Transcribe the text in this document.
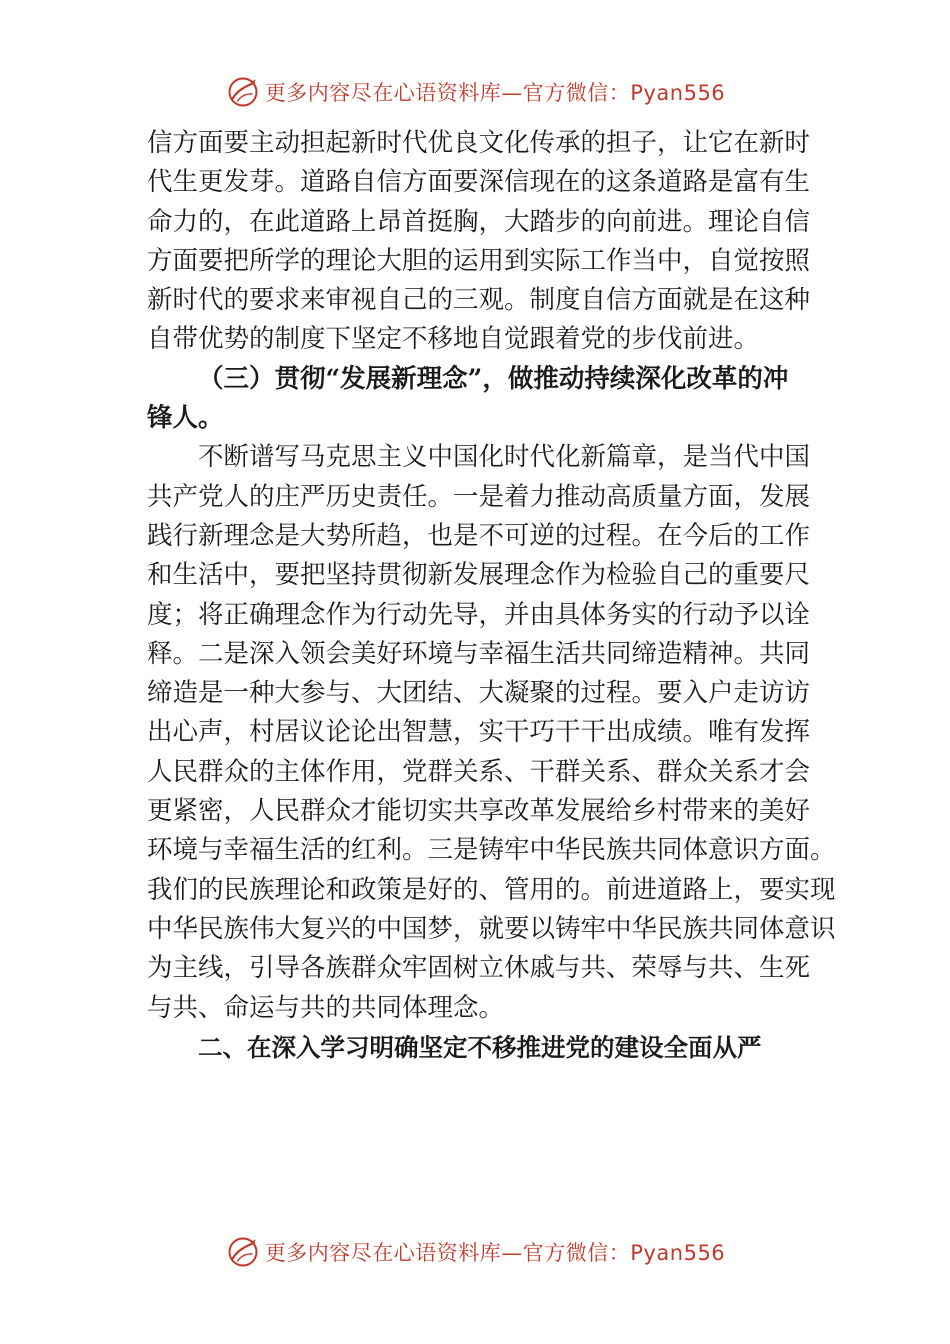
更多内容尽在心语资料库—官方微信：Pyan556
信方面要主动担起新时代优良文化传承的担子，让它在新时
代生更发芽。道路自信方面要深信现在的这条道路是富有生
命力的，在此道路上昂首挺胸，大踏步的向前进。理论自信
方面要把所学的理论大胆的运用到实际工作当中，自觉按照
新时代的要求来审视自己的三观。制度自信方面就是在这种
自带优势的制度下坚定不移地自觉跟着党的步伐前进。
（三）贯彻“发展新理念”，做推动持续深化改革的冲
锋人。
不断谱写马克思主义中国化时代化新篇章，是当代中国
共产党人的庄严历史责任。一是着力推动高质量方面，发展
践行新理念是大势所趋，也是不可逆的过程。在今后的工作
和生活中，要把坚持贯彻新发展理念作为检验自己的重要尺
度；将正确理念作为行动先导，并由具体务实的行动予以诠
释。二是深入领会美好环境与幸福生活共同缔造精神。共同
缔造是一种大参与、大团结、大凝聚的过程。要入户走访访
出心声，村居议论论出智慧，实干巧干干出成绩。唯有发挥
人民群众的主体作用，党群关系、干群关系、群众关系才会
更紧密，人民群众才能切实共享改革发展给乡村带来的美好
环境与幸福生活的红利。三是铸牢中华民族共同体意识方面。
我们的民族理论和政策是好的、管用的。前进道路上，要实现
中华民族伟大复兴的中国梦，就要以铸牢中华民族共同体意识
为主线，引导各族群众牢固树立休戚与共、荣辱与共、生死
与共、命运与共的共同体理念。
二、在深入学习明确坚定不移推进党的建设全面从严
更多内容尽在心语资料库—官方微信：Pyan556
